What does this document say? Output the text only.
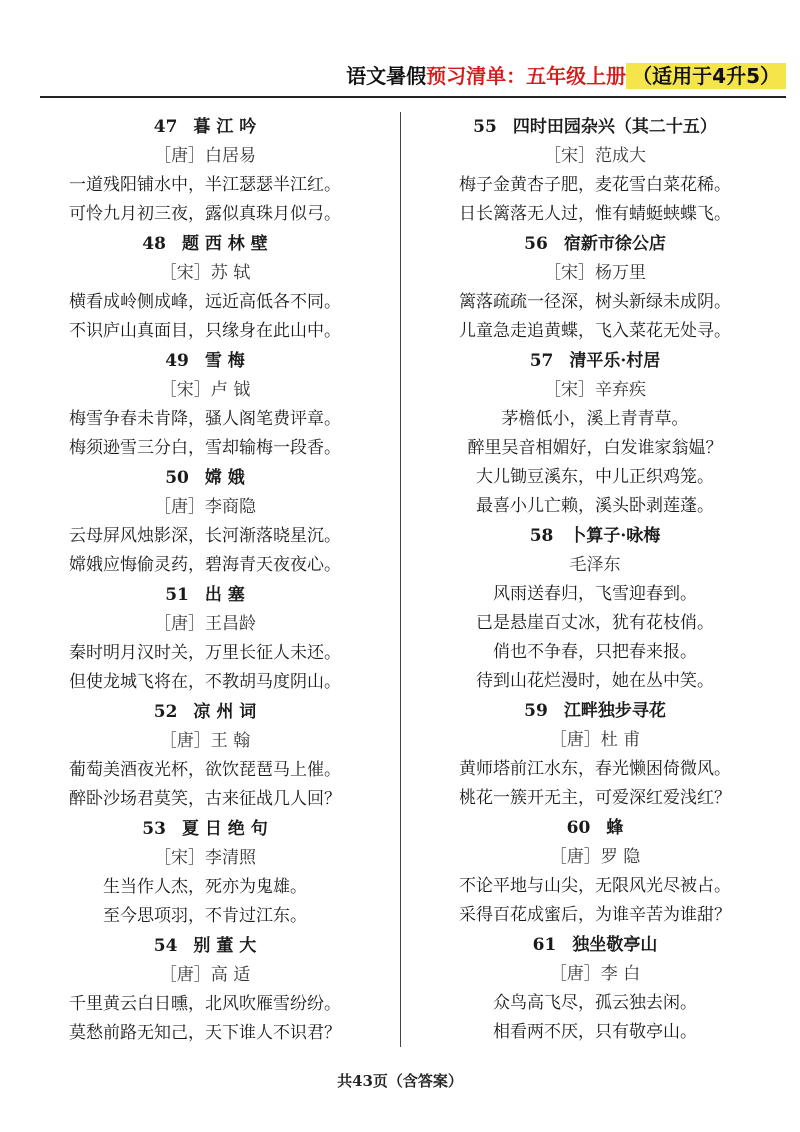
语文暑假预习清单：五年级上册 （适用于4升5）
47 暮 江 吟
［唐］白居易
一道残阳铺水中，半江瑟瑟半江红。
可怜九月初三夜，露似真珠月似弓。
48 题 西 林 壁
［宋］苏 轼
横看成岭侧成峰，远近高低各不同。
不识庐山真面目，只缘身在此山中。
49 雪 梅
［宋］卢 钺
梅雪争春未肯降，骚人阁笔费评章。
梅须逊雪三分白，雪却输梅一段香。
50 嫦 娥
［唐］李商隐
云母屏风烛影深，长河渐落晓星沉。
嫦娥应悔偷灵药，碧海青天夜夜心。
51 出 塞
［唐］王昌龄
秦时明月汉时关，万里长征人未还。
但使龙城飞将在，不教胡马度阴山。
52 凉 州 词
［唐］王 翰
葡萄美酒夜光杯，欲饮琵琶马上催。
醉卧沙场君莫笑，古来征战几人回？
53 夏 日 绝 句
［宋］李清照
生当作人杰，死亦为鬼雄。
至今思项羽，不肯过江东。
54 别 董 大
［唐］高 适
千里黄云白日曛，北风吹雁雪纷纷。
莫愁前路无知己，天下谁人不识君？
55 四时田园杂兴（其二十五）
［宋］范成大
梅子金黄杏子肥，麦花雪白菜花稀。
日长篱落无人过，惟有蜻蜓蛱蝶飞。
56 宿新市徐公店
［宋］杨万里
篱落疏疏一径深，树头新绿未成阴。
儿童急走追黄蝶，飞入菜花无处寻。
57 清平乐·村居
［宋］辛弃疾
茅檐低小，溪上青青草。
醉里吴音相媚好，白发谁家翁媪？
大儿锄豆溪东，中儿正织鸡笼。
最喜小儿亡赖，溪头卧剥莲蓬。
58 卜算子·咏梅
毛泽东
风雨送春归，飞雪迎春到。
已是悬崖百丈冰，犹有花枝俏。
俏也不争春，只把春来报。
待到山花烂漫时，她在丛中笑。
59 江畔独步寻花
［唐］杜 甫
黄师塔前江水东，春光懒困倚微风。
桃花一簇开无主，可爱深红爱浅红？
60 蜂
［唐］罗 隐
不论平地与山尖，无限风光尽被占。
采得百花成蜜后，为谁辛苦为谁甜？
61 独坐敬亭山
［唐］李 白
众鸟高飞尽，孤云独去闲。
相看两不厌，只有敬亭山。
共43页（含答案）
